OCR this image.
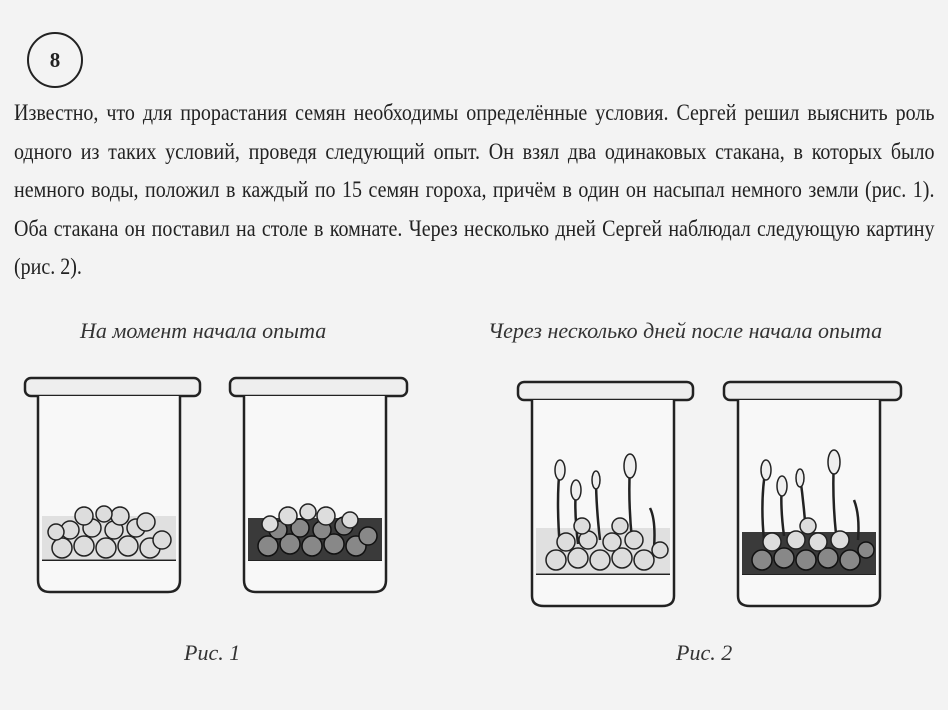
8

Известно, что для прорастания семян необходимы определённые условия. Сергей решил выяснить роль одного из таких условий, проведя следующий опыт. Он взял два одинаковых стакана, в которых было немного воды, положил в каждый по 15 семян гороха, причём в один он насыпал немного земли (рис. 1). Оба стакана он поставил на столе в комнате. Через несколько дней Сергей наблюдал следующую картину (рис. 2).

На момент начала опыта	Через несколько дней после начала опыта
Рис. 1	Рис. 2
